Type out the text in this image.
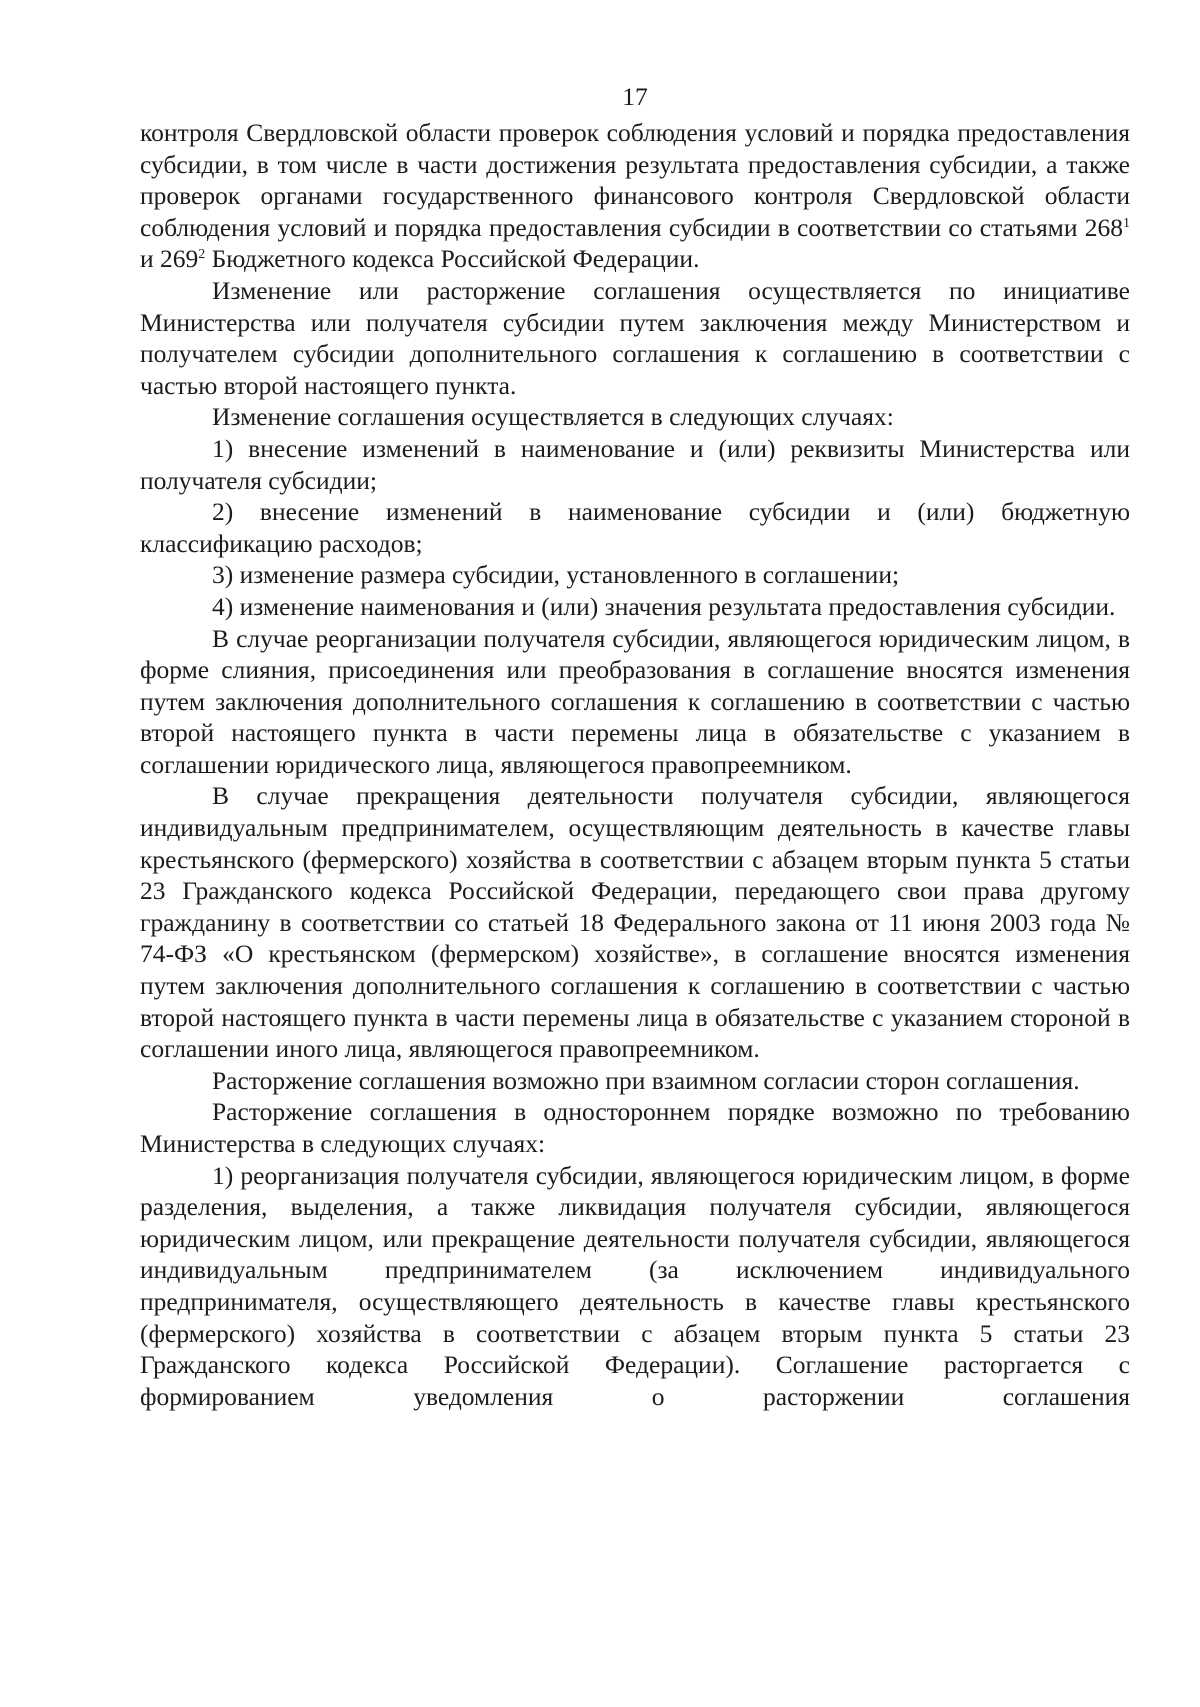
17

контроля Свердловской области проверок соблюдения условий и порядка предоставления субсидии, в том числе в части достижения результата предоставления субсидии, а также проверок органами государственного финансового контроля Свердловской области соблюдения условий и порядка предоставления субсидии в соответствии со статьями $268^1$ и $269^2$ Бюджетного кодекса Российской Федерации.

Изменение или расторжение соглашения осуществляется по инициативе Министерства или получателя субсидии путем заключения между Министерством и получателем субсидии дополнительного соглашения к соглашению в соответствии с частью второй настоящего пункта.

Изменение соглашения осуществляется в следующих случаях:

1) внесение изменений в наименование и (или) реквизиты Министерства или получателя субсидии;

2) внесение изменений в наименование субсидии и (или) бюджетную классификацию расходов;

3) изменение размера субсидии, установленного в соглашении;

4) изменение наименования и (или) значения результата предоставления субсидии.

В случае реорганизации получателя субсидии, являющегося юридическим лицом, в форме слияния, присоединения или преобразования в соглашение вносятся изменения путем заключения дополнительного соглашения к соглашению в соответствии с частью второй настоящего пункта в части перемены лица в обязательстве с указанием в соглашении юридического лица, являющегося правопреемником.

В случае прекращения деятельности получателя субсидии, являющегося индивидуальным предпринимателем, осуществляющим деятельность в качестве главы крестьянского (фермерского) хозяйства в соответствии с абзацем вторым пункта 5 статьи 23 Гражданского кодекса Российской Федерации, передающего свои права другому гражданину в соответствии со статьей 18 Федерального закона от 11 июня 2003 года № 74-ФЗ «О крестьянском (фермерском) хозяйстве», в соглашение вносятся изменения путем заключения дополнительного соглашения к соглашению в соответствии с частью второй настоящего пункта в части перемены лица в обязательстве с указанием стороной в соглашении иного лица, являющегося правопреемником.

Расторжение соглашения возможно при взаимном согласии сторон соглашения.

Расторжение соглашения в одностороннем порядке возможно по требованию Министерства в следующих случаях:

1) реорганизация получателя субсидии, являющегося юридическим лицом, в форме разделения, выделения, а также ликвидация получателя субсидии, являющегося юридическим лицом, или прекращение деятельности получателя субсидии, являющегося индивидуальным предпринимателем (за исключением индивидуального предпринимателя, осуществляющего деятельность в качестве главы крестьянского (фермерского) хозяйства в соответствии с абзацем вторым пункта 5 статьи 23 Гражданского кодекса Российской Федерации). Соглашение расторгается с формированием уведомления о расторжении соглашения
